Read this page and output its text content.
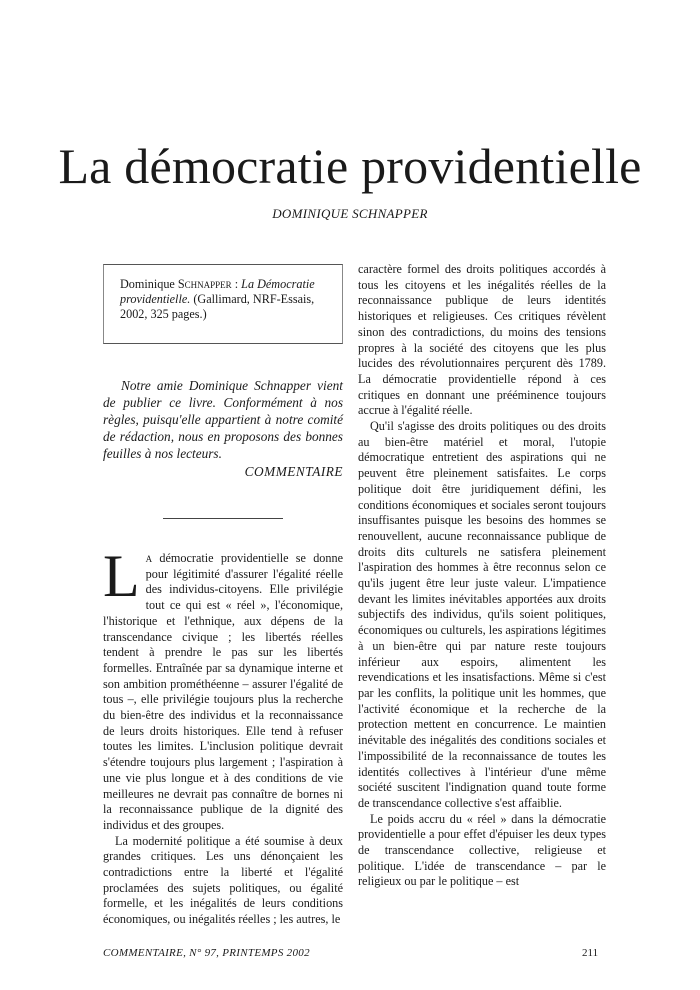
La démocratie providentielle
DOMINIQUE SCHNAPPER
Dominique Schnapper : La Démocratie providentielle. (Gallimard, NRF-Essais, 2002, 325 pages.)
Notre amie Dominique Schnapper vient de publier ce livre. Conformément à nos règles, puisqu'elle appartient à notre comité de rédaction, nous en proposons des bonnes feuilles à nos lecteurs.
COMMENTAIRE

La démocratie providentielle se donne pour légitimité d'assurer l'égalité réelle des individus-citoyens. Elle privilégie tout ce qui est « réel », l'économique, l'historique et l'ethnique, aux dépens de la transcendance civique ; les libertés réelles tendent à prendre le pas sur les libertés formelles. Entraînée par sa dynamique interne et son ambition prométhéenne – assurer l'égalité de tous –, elle privilégie toujours plus la recherche du bien-être des individus et la reconnaissance de leurs droits historiques. Elle tend à refuser toutes les limites. L'inclusion politique devrait s'étendre toujours plus largement ; l'aspiration à une vie plus longue et à des conditions de vie meilleures ne devrait pas connaître de bornes ni la reconnaissance publique de la dignité des individus et des groupes.

La modernité politique a été soumise à deux grandes critiques. Les uns dénonçaient les contradictions entre la liberté et l'égalité proclamées des sujets politiques, ou égalité formelle, et les inégalités de leurs conditions économiques, ou inégalités réelles ; les autres, le

caractère formel des droits politiques accordés à tous les citoyens et les inégalités réelles de la reconnaissance publique de leurs identités historiques et religieuses. Ces critiques révèlent sinon des contradictions, du moins des tensions propres à la société des citoyens que les plus lucides des révolutionnaires perçurent dès 1789. La démocratie providentielle répond à ces critiques en donnant une prééminence toujours accrue à l'égalité réelle.

Qu'il s'agisse des droits politiques ou des droits au bien-être matériel et moral, l'utopie démocratique entretient des aspirations qui ne peuvent être pleinement satisfaites. Le corps politique doit être juridiquement défini, les conditions économiques et sociales seront toujours insuffisantes puisque les besoins des hommes se renouvellent, aucune reconnaissance publique de droits dits culturels ne satisfera pleinement l'aspiration des hommes à être reconnus selon ce qu'ils jugent être leur juste valeur. L'impatience devant les limites inévitables apportées aux droits subjectifs des individus, qu'ils soient politiques, économiques ou culturels, les aspirations légitimes à un bien-être qui par nature reste toujours inférieur aux espoirs, alimentent les revendications et les insatisfactions. Même si c'est par les conflits, la politique unit les hommes, que l'activité économique et la recherche de la protection mettent en concurrence. Le maintien inévitable des inégalités des conditions sociales et l'impossibilité de la reconnaissance de toutes les identités collectives à l'intérieur d'une même société suscitent l'indignation quand toute forme de transcendance collective s'est affaiblie.

Le poids accru du « réel » dans la démocratie providentielle a pour effet d'épuiser les deux types de transcendance collective, religieuse et politique. L'idée de transcendance – par le religieux ou par le politique – est

COMMENTAIRE, N° 97, PRINTEMPS 2002	211
